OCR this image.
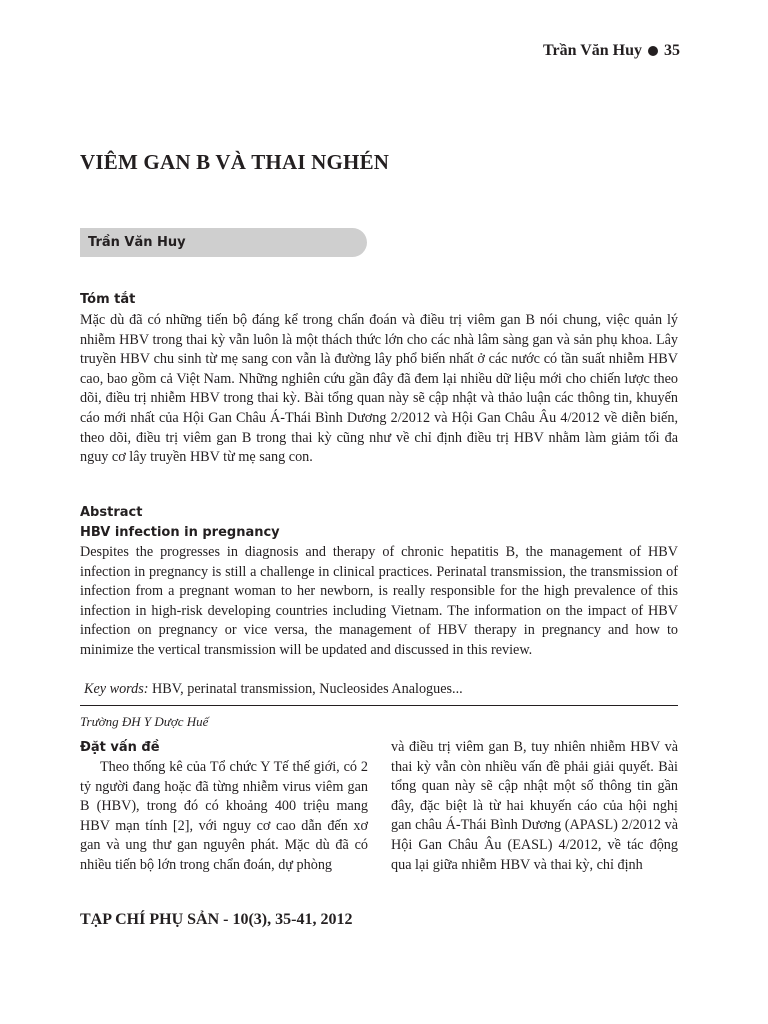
Trần Văn Huy 35
VIÊM GAN B VÀ THAI NGHÉN
Trần Văn Huy
Tóm tắt

Mặc dù đã có những tiến bộ đáng kể trong chẩn đoán và điều trị viêm gan B nói chung, việc quản lý nhiễm HBV trong thai kỳ vẫn luôn là một thách thức lớn cho các nhà lâm sàng gan và sản phụ khoa. Lây truyền HBV chu sinh từ mẹ sang con vẫn là đường lây phổ biến nhất ở các nước có tần suất nhiễm HBV cao, bao gồm cả Việt Nam. Những nghiên cứu gần đây đã đem lại nhiều dữ liệu mới cho chiến lược theo dõi, điều trị nhiễm HBV trong thai kỳ. Bài tổng quan này sẽ cập nhật và thảo luận các thông tin, khuyến cáo mới nhất của Hội Gan Châu Á-Thái Bình Dương 2/2012 và Hội Gan Châu Âu 4/2012 về diễn biến, theo dõi, điều trị viêm gan B trong thai kỳ cũng như về chỉ định điều trị HBV nhằm làm giảm tối đa nguy cơ lây truyền HBV từ mẹ sang con.

Abstract
HBV infection in pregnancy

Despites the progresses in diagnosis and therapy of chronic hepatitis B, the management of HBV infection in pregnancy is still a challenge in clinical practices. Perinatal transmission, the transmission of infection from a pregnant woman to her newborn, is really responsible for the high prevalence of this infection in high-risk developing countries including Vietnam. The information on the impact of HBV infection on pregnancy or vice versa, the management of HBV therapy in pregnancy and how to minimize the vertical transmission will be updated and discussed in this review.

Key words: HBV, perinatal transmission, Nucleosides Analogues...
Trường ĐH Y Dược Huế
Đặt vấn đề

Theo thống kê của Tổ chức Y Tế thế giới, có 2 tỷ người đang hoặc đã từng nhiễm virus viêm gan B (HBV), trong đó có khoảng 400 triệu mang HBV mạn tính [2], với nguy cơ cao dẫn đến xơ gan và ung thư gan nguyên phát. Mặc dù đã có nhiều tiến bộ lớn trong chẩn đoán, dự phòng

và điều trị viêm gan B, tuy nhiên nhiễm HBV và thai kỳ vẫn còn nhiều vấn đề phải giải quyết. Bài tổng quan này sẽ cập nhật một số thông tin gần đây, đặc biệt là từ hai khuyến cáo của hội nghị gan châu Á-Thái Bình Dương (APASL) 2/2012 và Hội Gan Châu Âu (EASL) 4/2012, về tác động qua lại giữa nhiễm HBV và thai kỳ, chỉ định

TẠP CHÍ PHỤ SẢN - 10(3), 35-41, 2012
